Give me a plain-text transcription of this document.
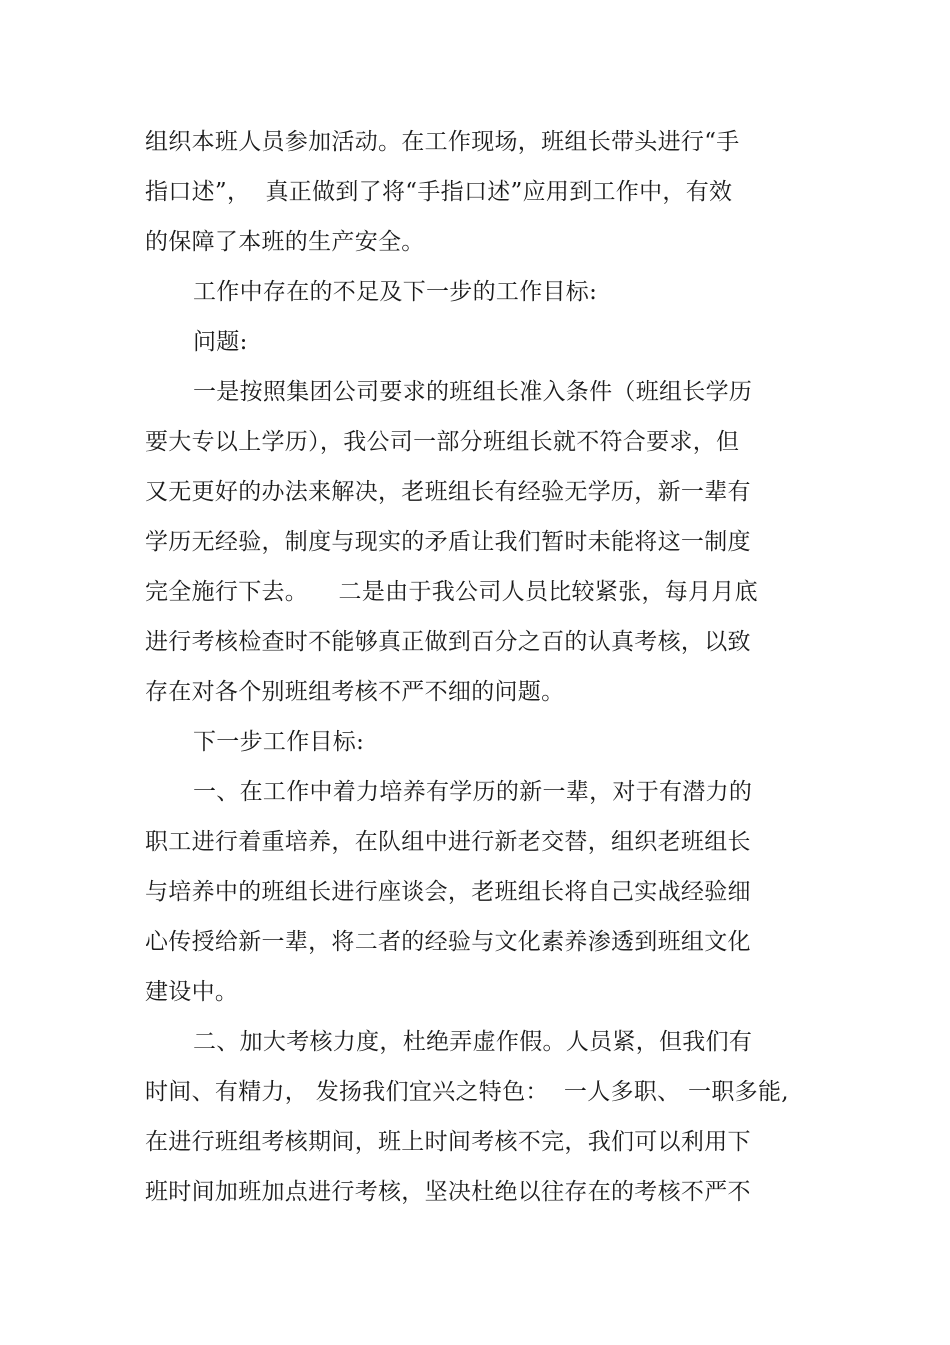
组织本班人员参加活动。在工作现场，班组长带头进行“手
指口述”，  真正做到了将“手指口述”应用到工作中，有效
的保障了本班的生产安全。
工作中存在的不足及下一步的工作目标:
问题:
一是按照集团公司要求的班组长准入条件（班组长学历
要大专以上学历），我公司一部分班组长就不符合要求，但
又无更好的办法来解决，老班组长有经验无学历，新一辈有
学历无经验，制度与现实的矛盾让我们暂时未能将这一制度
完全施行下去。    二是由于我公司人员比较紧张，每月月底
进行考核检查时不能够真正做到百分之百的认真考核，以致
存在对各个别班组考核不严不细的问题。
下一步工作目标:
一、在工作中着力培养有学历的新一辈，对于有潜力的
职工进行着重培养，在队组中进行新老交替，组织老班组长
与培养中的班组长进行座谈会，老班组长将自己实战经验细
心传授给新一辈，将二者的经验与文化素养渗透到班组文化
建设中。
二、加大考核力度，杜绝弄虚作假。人员紧，但我们有
时间、有精力， 发扬我们宜兴之特色：  一人多职、 一职多能,
在进行班组考核期间，班上时间考核不完，我们可以利用下
班时间加班加点进行考核，坚决杜绝以往存在的考核不严不
